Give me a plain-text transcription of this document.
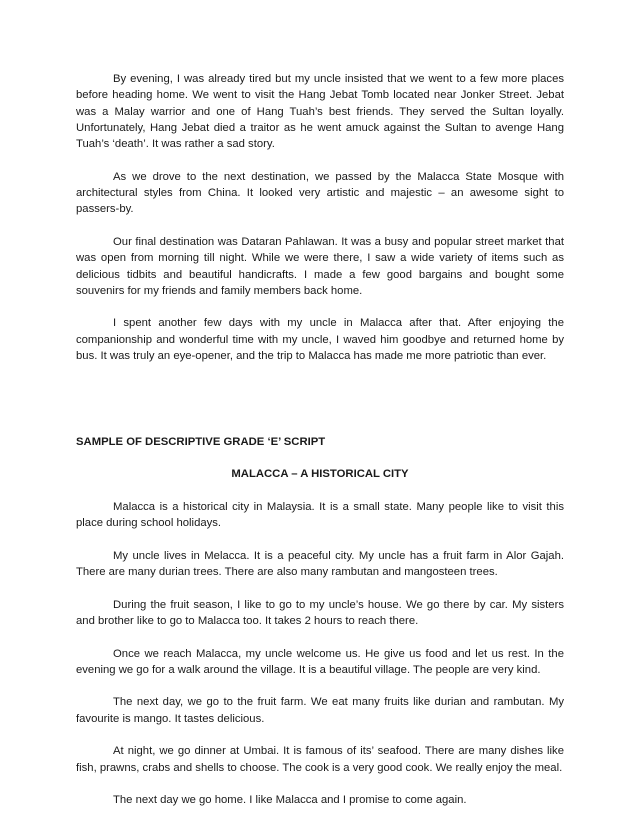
By evening, I was already tired but my uncle insisted that we went to a few more places before heading home. We went to visit the Hang Jebat Tomb located near Jonker Street. Jebat was a Malay warrior and one of Hang Tuah’s best friends. They served the Sultan loyally. Unfortunately, Hang Jebat died a traitor as he went amuck against the Sultan to avenge Hang Tuah’s ‘death’. It was rather a sad story.

As we drove to the next destination, we passed by the Malacca State Mosque with architectural styles from China. It looked very artistic and majestic – an awesome sight to passers-by.

Our final destination was Dataran Pahlawan. It was a busy and popular street market that was open from morning till night. While we were there, I saw a wide variety of items such as delicious tidbits and beautiful handicrafts. I made a few good bargains and bought some souvenirs for my friends and family members back home.

I spent another few days with my uncle in Malacca after that. After enjoying the companionship and wonderful time with my uncle, I waved him goodbye and returned home by bus. It was truly an eye-opener, and the trip to Malacca has made me more patriotic than ever.

SAMPLE OF DESCRIPTIVE GRADE ‘E’ SCRIPT

MALACCA – A HISTORICAL CITY

Malacca is a historical city in Malaysia. It is a small state. Many people like to visit this place during school holidays.

My uncle lives in Melacca. It is a peaceful city. My uncle has a fruit farm in Alor Gajah. There are many durian trees. There are also many rambutan and mangosteen trees.

During the fruit season, I like to go to my uncle’s house. We go there by car. My sisters and brother like to go to Malacca too. It takes 2 hours to reach there.

Once we reach Malacca, my uncle welcome us. He give us food and let us rest. In the evening we go for a walk around the village. It is a beautiful village. The people are very kind.

The next day, we go to the fruit farm. We eat many fruits like durian and rambutan. My favourite is mango. It tastes delicious.

At night, we go dinner at Umbai. It is famous of its’ seafood. There are many dishes like fish, prawns, crabs and shells to choose. The cook is a very good cook. We really enjoy the meal.

The next day we go home. I like Malacca and I promise to come again.
